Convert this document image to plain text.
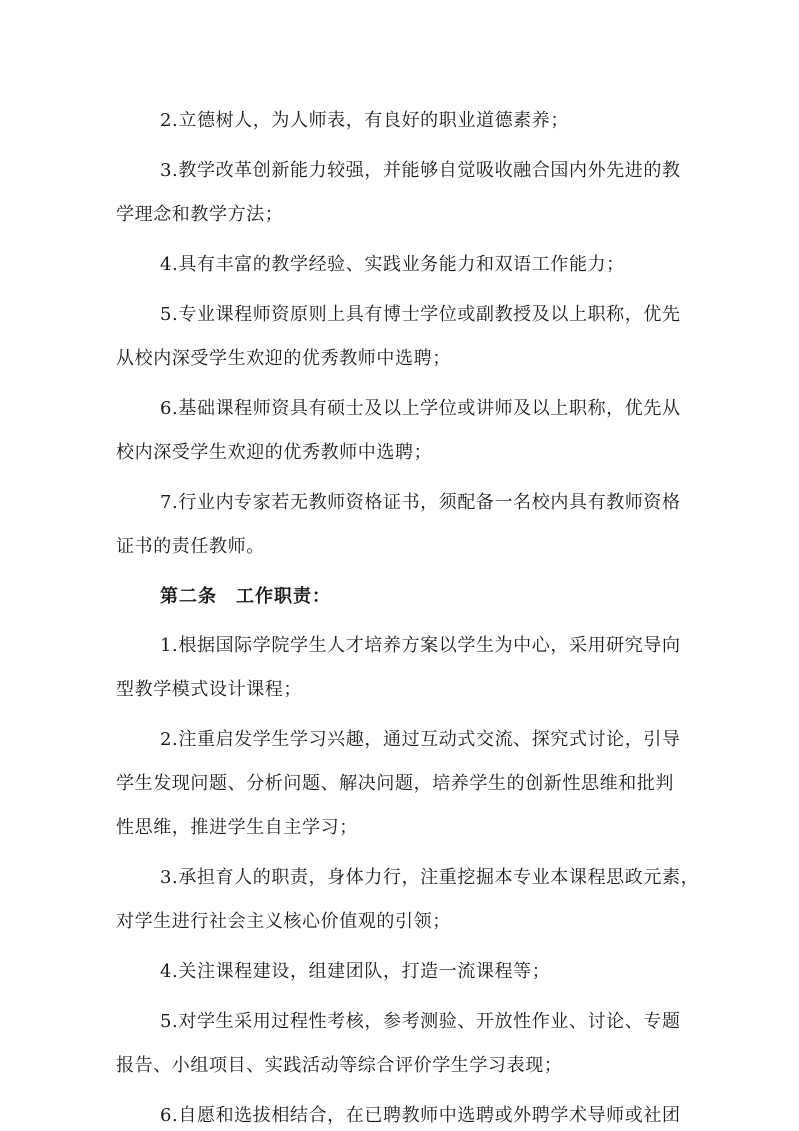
2.立德树人，为人师表，有良好的职业道德素养；
3.教学改革创新能力较强，并能够自觉吸收融合国内外先进的教
学理念和教学方法；
4.具有丰富的教学经验、实践业务能力和双语工作能力；
5.专业课程师资原则上具有博士学位或副教授及以上职称，优先
从校内深受学生欢迎的优秀教师中选聘；
6.基础课程师资具有硕士及以上学位或讲师及以上职称，优先从
校内深受学生欢迎的优秀教师中选聘；
7.行业内专家若无教师资格证书，须配备一名校内具有教师资格
证书的责任教师。
第二条　工作职责：
1.根据国际学院学生人才培养方案以学生为中心，采用研究导向
型教学模式设计课程；
2.注重启发学生学习兴趣，通过互动式交流、探究式讨论，引导
学生发现问题、分析问题、解决问题，培养学生的创新性思维和批判
性思维，推进学生自主学习；
3.承担育人的职责，身体力行，注重挖掘本专业本课程思政元素，
对学生进行社会主义核心价值观的引领；
4.关注课程建设，组建团队，打造一流课程等；
5.对学生采用过程性考核，参考测验、开放性作业、讨论、专题
报告、小组项目、实践活动等综合评价学生学习表现；
6.自愿和选拔相结合，在已聘教师中选聘或外聘学术导师或社团
